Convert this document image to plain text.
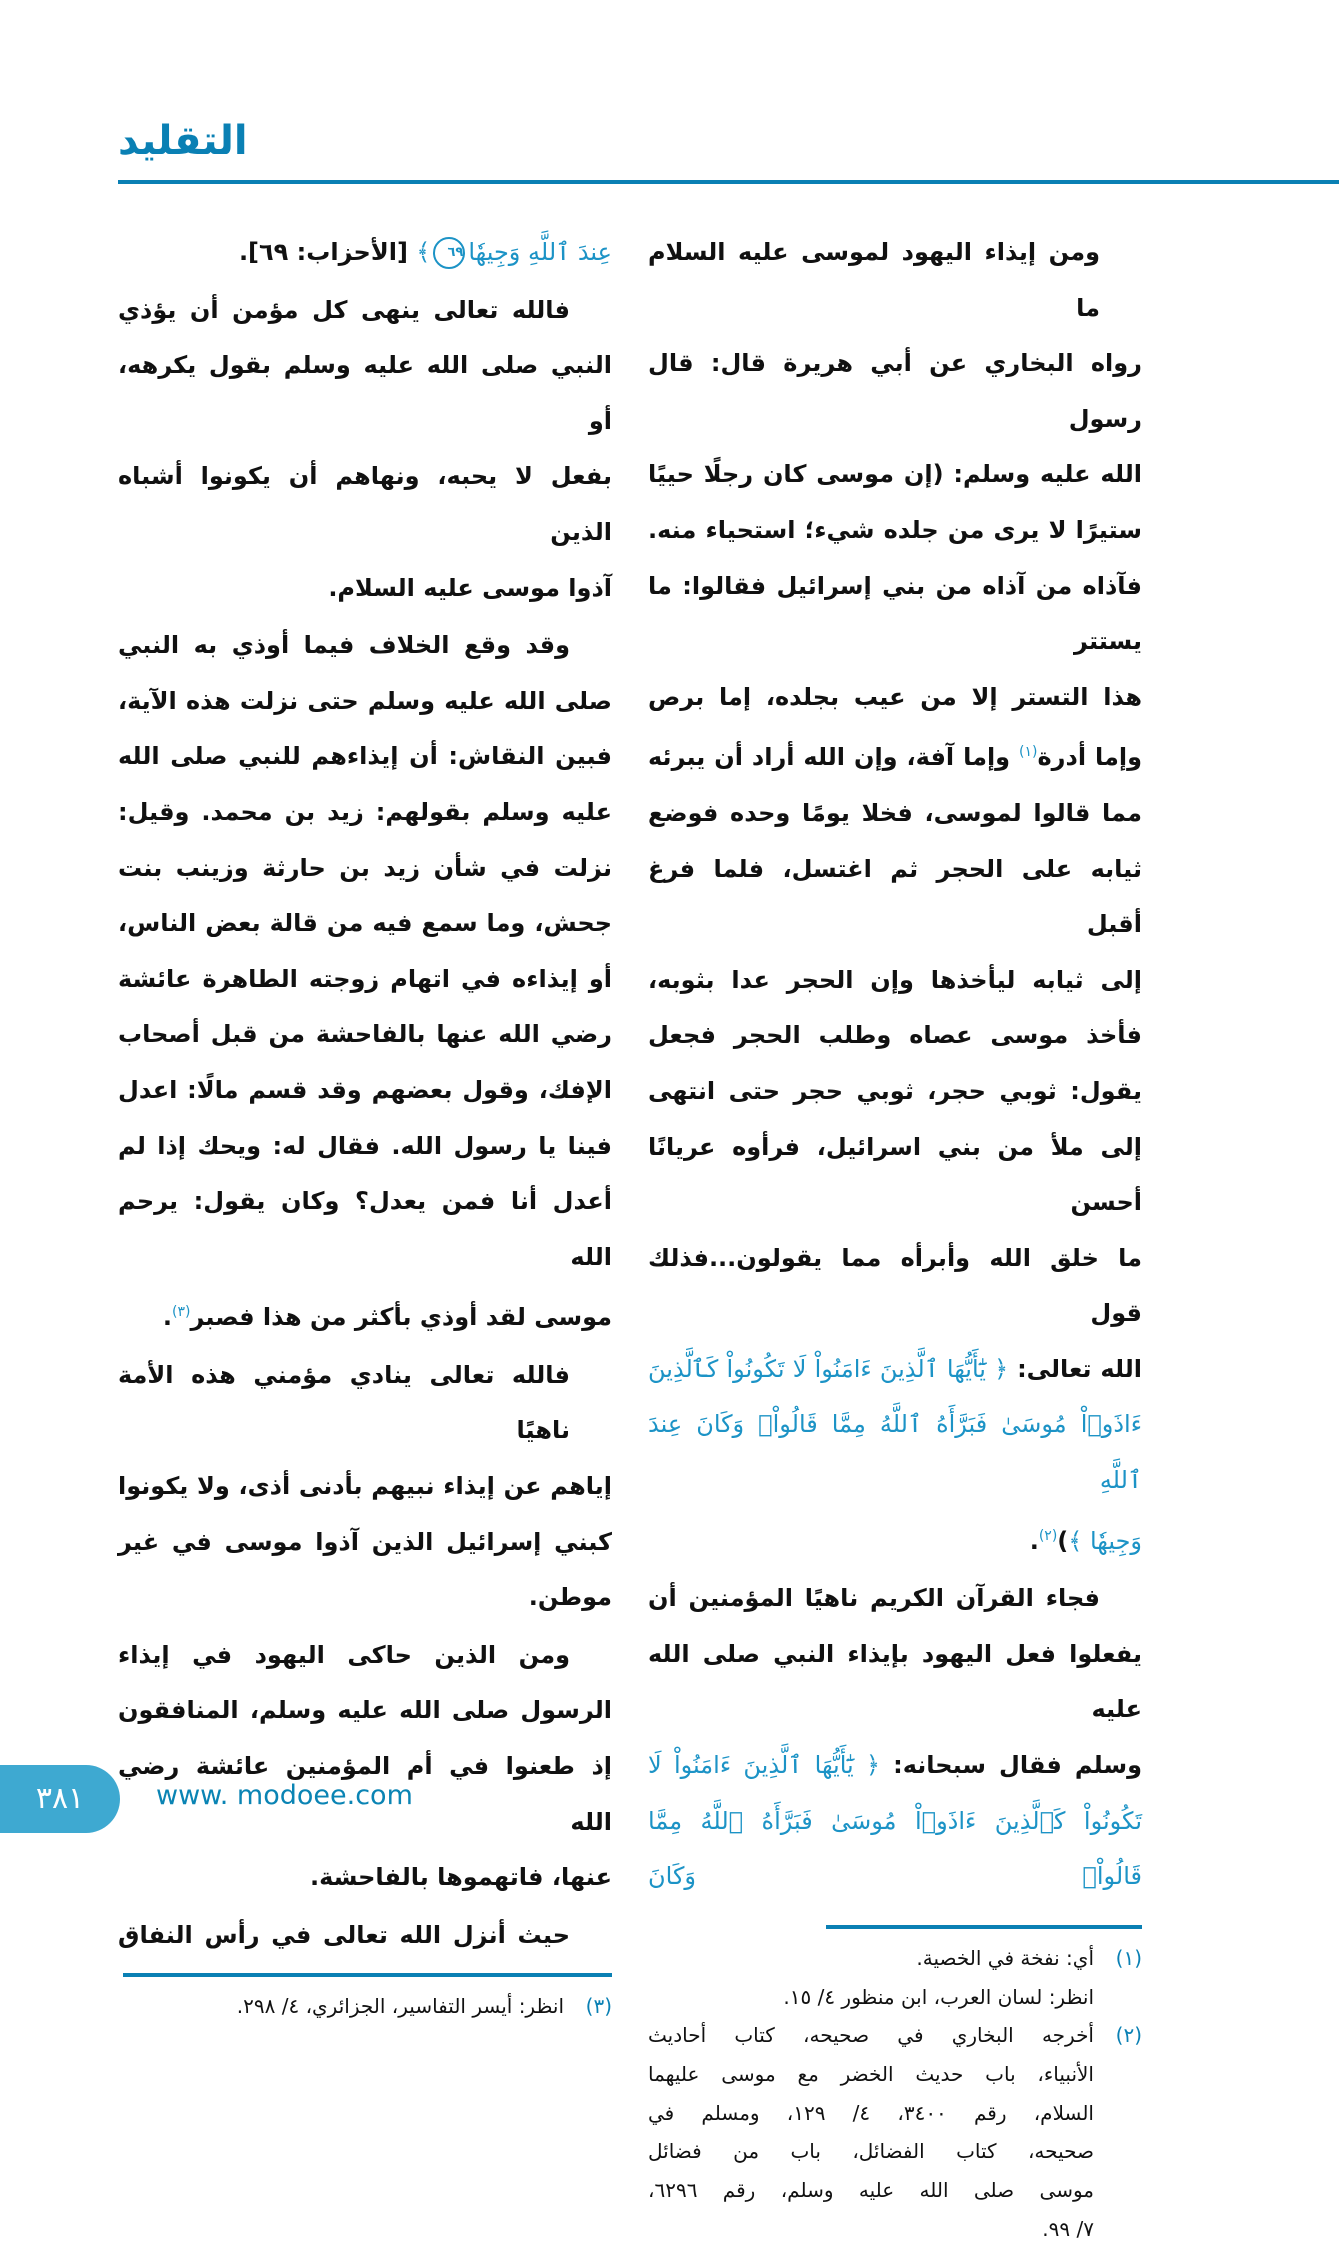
التقليد
ومن إيذاء اليهود لموسى عليه السلام ما
رواه البخاري عن أبي هريرة قال: قال رسول
الله عليه وسلم: (إن موسى كان رجلًا حييًا
ستيرًا لا يرى من جلده شيء؛ استحياء منه.
فآذاه من آذاه من بني إسرائيل فقالوا: ما يستتر
هذا التستر إلا من عيب بجلده، إما برص
وإما أدرة$^{(١)}$ وإما آفة، وإن الله أراد أن يبرئه
مما قالوا لموسى، فخلا يومًا وحده فوضع
ثيابه على الحجر ثم اغتسل، فلما فرغ أقبل
إلى ثيابه ليأخذها وإن الحجر عدا بثوبه،
فأخذ موسى عصاه وطلب الحجر فجعل
يقول: ثوبي حجر، ثوبي حجر حتى انتهى
إلى ملأ من بني اسرائيل، فرأوه عريانًا أحسن
ما خلق الله وأبرأه مما يقولون...فذلك قول
الله تعالى: ﴿ يَٰٓأَيُّهَا ٱلَّذِينَ ءَامَنُواْ لَا تَكُونُواْ كَٱلَّذِينَ
ءَاذَوۡاْ مُوسَىٰ فَبَرَّأَهُ ٱللَّهُ مِمَّا قَالُواْۚ وَكَانَ عِندَ ٱللَّهِ
وَجِيهٗا ﴾)$^{(٢)}$.
فجاء القرآن الكريم ناهيًا المؤمنين أن
يفعلوا فعل اليهود بإيذاء النبي صلى الله عليه
وسلم فقال سبحانه: ﴿ يَٰٓأَيُّهَا ٱلَّذِينَ ءَامَنُواْ لَا
تَكُونُواْ كَٱلَّذِينَ ءَاذَوۡاْ مُوسَىٰ فَبَرَّأَهُ ٱللَّهُ مِمَّا قَالُواْۚ وَكَانَ
(١)
أي: نفخة في الخصية.
انظر: لسان العرب، ابن منظور ٤/ ١٥.
(٢)
أخرجه البخاري في صحيحه، كتاب أحاديث
الأنبياء، باب حديث الخضر مع موسى عليهما
السلام، رقم ٣٤٠٠، ٤/ ١٢٩، ومسلم في
صحيحه، كتاب الفضائل، باب من فضائل
موسى صلى الله عليه وسلم، رقم ٦٢٩٦،
٧/ ٩٩.
عِندَ ٱللَّهِ وَجِيهٗا٦٩﴾ [الأحزاب: ٦٩].
فالله تعالى ينهى كل مؤمن أن يؤذي
النبي صلى الله عليه وسلم بقول يكرهه، أو
بفعل لا يحبه، ونهاهم أن يكونوا أشباه الذين
آذوا موسى عليه السلام.
وقد وقع الخلاف فيما أوذي به النبي
صلى الله عليه وسلم حتى نزلت هذه الآية،
فبين النقاش: أن إيذاءهم للنبي صلى الله
عليه وسلم بقولهم: زيد بن محمد. وقيل:
نزلت في شأن زيد بن حارثة وزينب بنت
جحش، وما سمع فيه من قالة بعض الناس،
أو إيذاءه في اتهام زوجته الطاهرة عائشة
رضي الله عنها بالفاحشة من قبل أصحاب
الإفك، وقول بعضهم وقد قسم مالًا: اعدل
فينا يا رسول الله. فقال له: ويحك إذا لم
أعدل أنا فمن يعدل؟ وكان يقول: يرحم الله
موسى لقد أوذي بأكثر من هذا فصبر$^{(٣)}$.
فالله تعالى ينادي مؤمني هذه الأمة ناهيًا
إياهم عن إيذاء نبيهم بأدنى أذى، ولا يكونوا
كبني إسرائيل الذين آذوا موسى في غير
موطن.
ومن الذين حاكى اليهود في إيذاء
الرسول صلى الله عليه وسلم، المنافقون
إذ طعنوا في أم المؤمنين عائشة رضي الله
عنها، فاتهموها بالفاحشة.
حيث أنزل الله تعالى في رأس النفاق
(٣)
انظر: أيسر التفاسير، الجزائري، ٤/ ٢٩٨.
٣٨١	www. modoee.com
